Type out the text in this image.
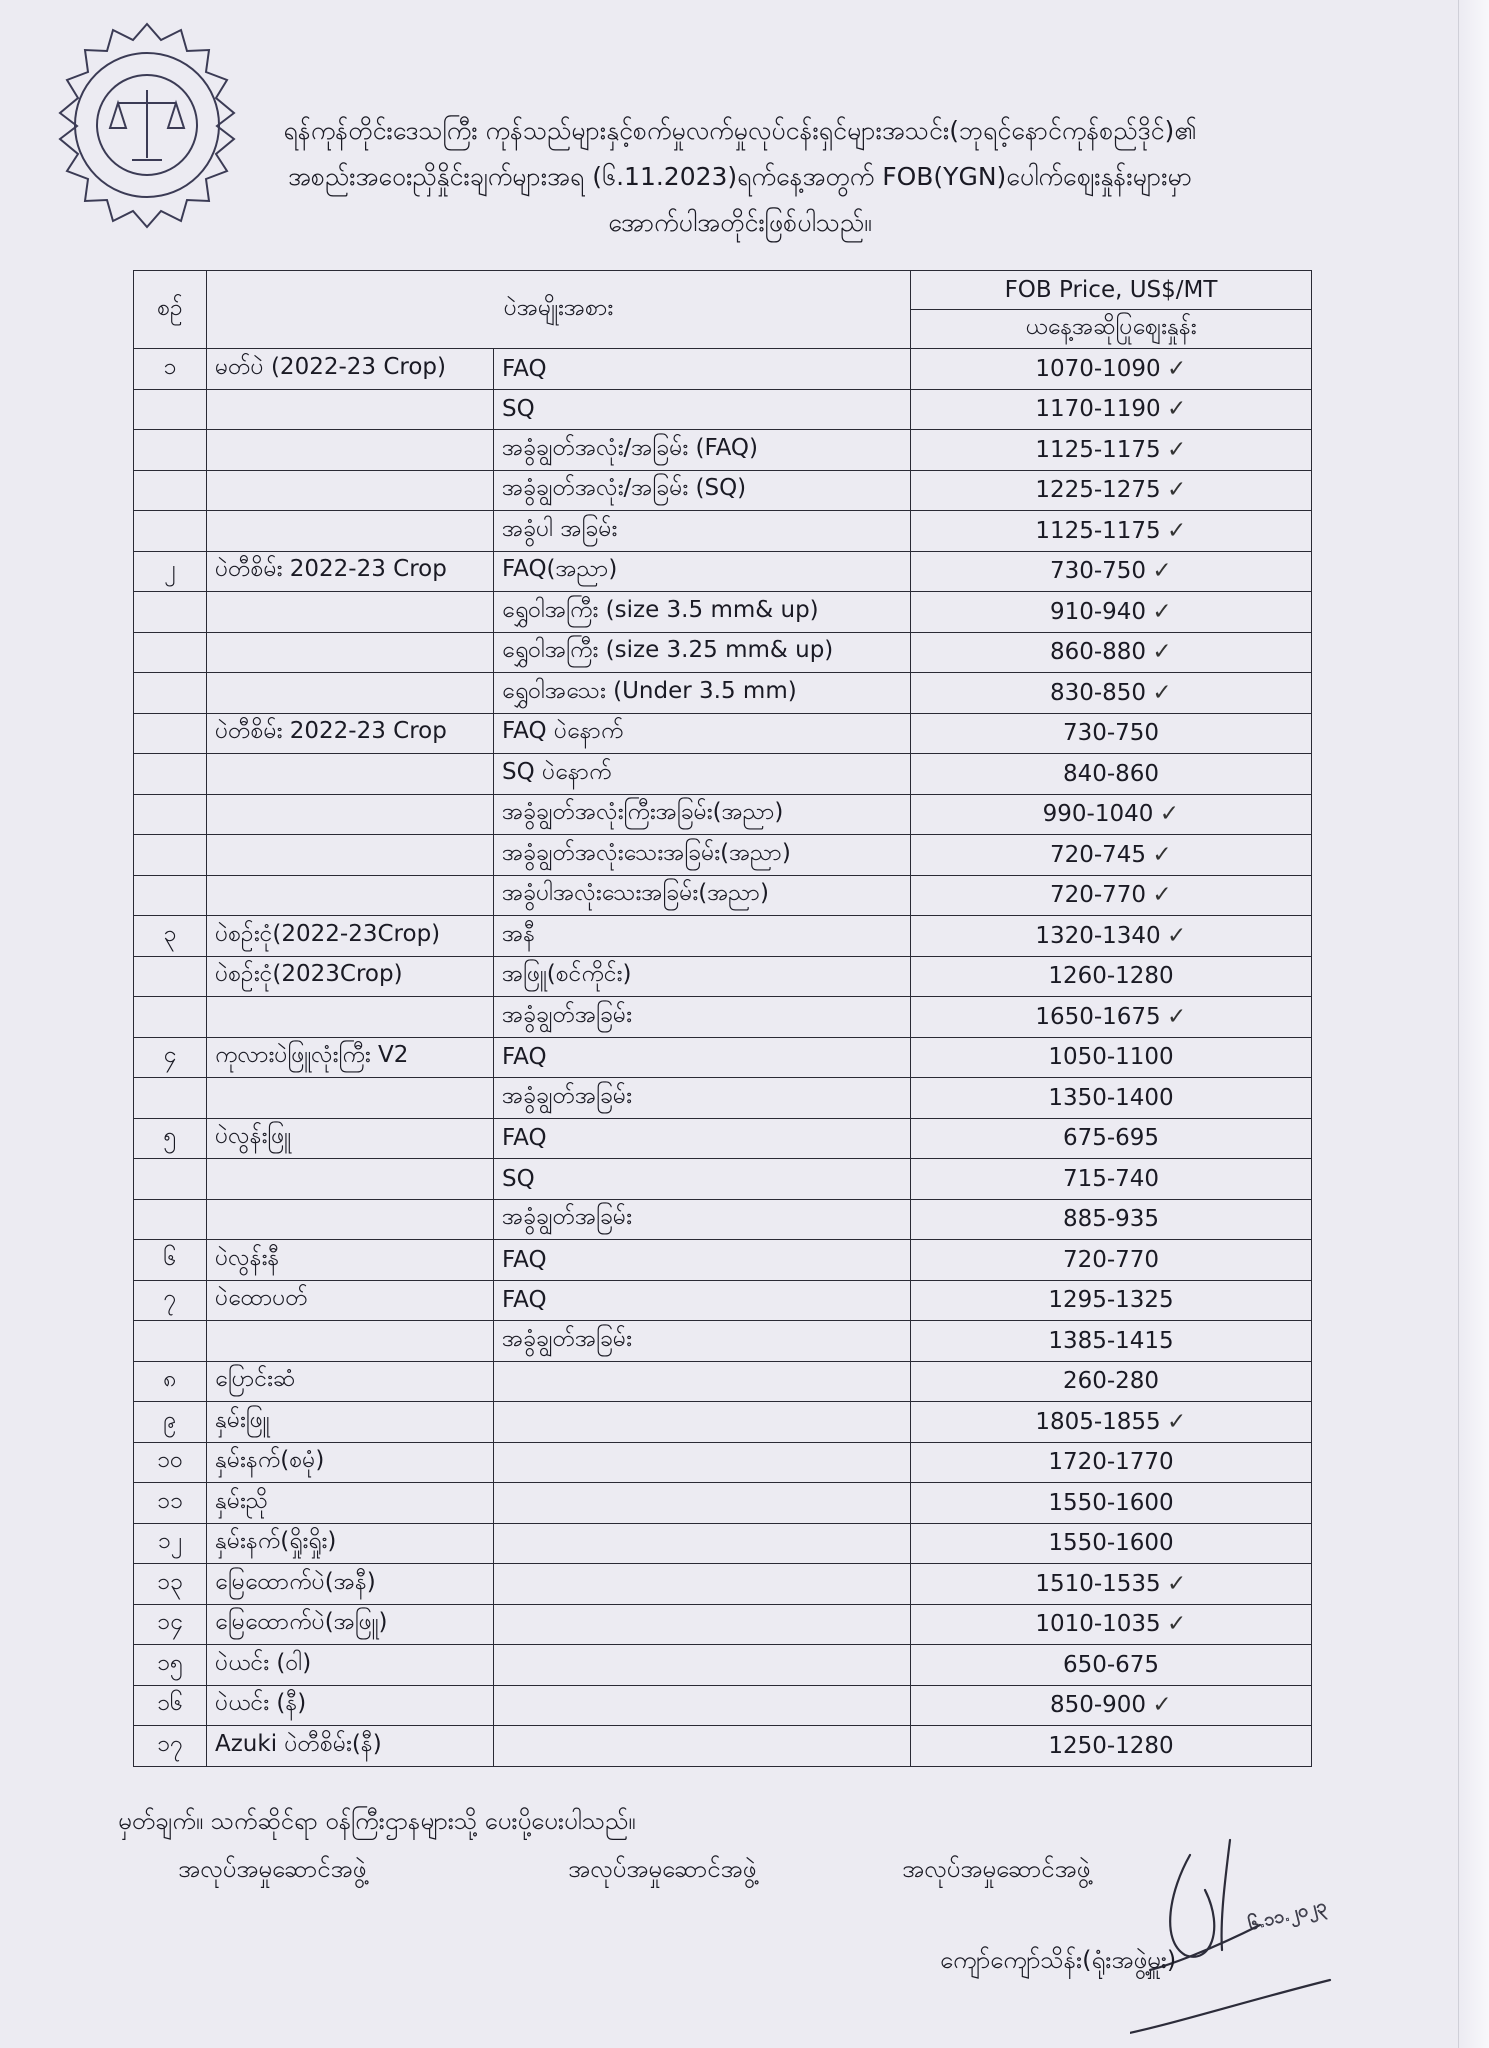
ရန်ကုန်တိုင်းဒေသကြီး ကုန်သည်များနှင့်စက်မှုလက်မှုလုပ်ငန်းရှင်များအသင်း(ဘုရင့်နောင်ကုန်စည်ဒိုင်)၏
အစည်းအဝေးညှိနှိုင်းချက်များအရ (၆.11.2023)ရက်နေ့အတွက် FOB(YGN)ပေါက်ဈေးနှုန်းများမှာ
အောက်ပါအတိုင်းဖြစ်ပါသည်။
စဉ်	ပဲအမျိုးအစား		FOB Price, US$/MT
			ယနေ့အဆိုပြုဈေးနှုန်း
၁	မတ်ပဲ (2022-23 Crop)	FAQ	1070-1090 ✓
		SQ	1170-1190 ✓
		အခွံချွတ်အလုံး/အခြမ်း (FAQ)	1125-1175 ✓
		အခွံချွတ်အလုံး/အခြမ်း (SQ)	1225-1275 ✓
		အခွံပါ အခြမ်း	1125-1175 ✓
၂	ပဲတီစိမ်း 2022-23 Crop	FAQ(အညာ)	730-750 ✓
		ရွှေဝါအကြီး (size 3.5 mm& up)	910-940 ✓
		ရွှေဝါအကြီး (size 3.25 mm& up)	860-880 ✓
		ရွှေဝါအသေး (Under 3.5 mm)	830-850 ✓
	ပဲတီစိမ်း 2022-23 Crop	FAQ ပဲနောက်	730-750
		SQ ပဲနောက်	840-860
		အခွံချွတ်အလုံးကြီးအခြမ်း(အညာ)	990-1040 ✓
		အခွံချွတ်အလုံးသေးအခြမ်း(အညာ)	720-745 ✓
		အခွံပါအလုံးသေးအခြမ်း(အညာ)	720-770 ✓
၃	ပဲစဉ်းငုံ(2022-23Crop)	အနီ	1320-1340 ✓
	ပဲစဉ်းငုံ(2023Crop)	အဖြူ(စင်ကိုင်း)	1260-1280
		အခွံချွတ်အခြမ်း	1650-1675 ✓
၄	ကုလားပဲဖြူလုံးကြီး V2	FAQ	1050-1100
		အခွံချွတ်အခြမ်း	1350-1400
၅	ပဲလွန်းဖြူ	FAQ	675-695
		SQ	715-740
		အခွံချွတ်အခြမ်း	885-935
၆	ပဲလွန်းနီ	FAQ	720-770
၇	ပဲထောပတ်	FAQ	1295-1325
		အခွံချွတ်အခြမ်း	1385-1415
၈	ပြောင်းဆံ		260-280
၉	နှမ်းဖြူ		1805-1855 ✓
၁၀	နှမ်းနက်(စမုံ)		1720-1770
၁၁	နှမ်းညို		1550-1600
၁၂	နှမ်းနက်(ရှိုးရှိုး)		1550-1600
၁၃	မြေထောက်ပဲ(အနီ)		1510-1535 ✓
၁၄	မြေထောက်ပဲ(အဖြူ)		1010-1035 ✓
၁၅	ပဲယင်း (ဝါ)		650-675
၁၆	ပဲယင်း (နီ)		850-900 ✓
၁၇	Azuki ပဲတီစိမ်း(နီ)		1250-1280
မှတ်ချက်။ သက်ဆိုင်ရာ ဝန်ကြီးဌာနများသို့ ပေးပို့ပေးပါသည်။
အလုပ်အမှုဆောင်အဖွဲ့	အလုပ်အမှုဆောင်အဖွဲ့	အလုပ်အမှုဆောင်အဖွဲ့
၆.၁၁.၂၀၂၃
ကျော်ကျော်သိန်း(ရုံးအဖွဲ့မှူး)
